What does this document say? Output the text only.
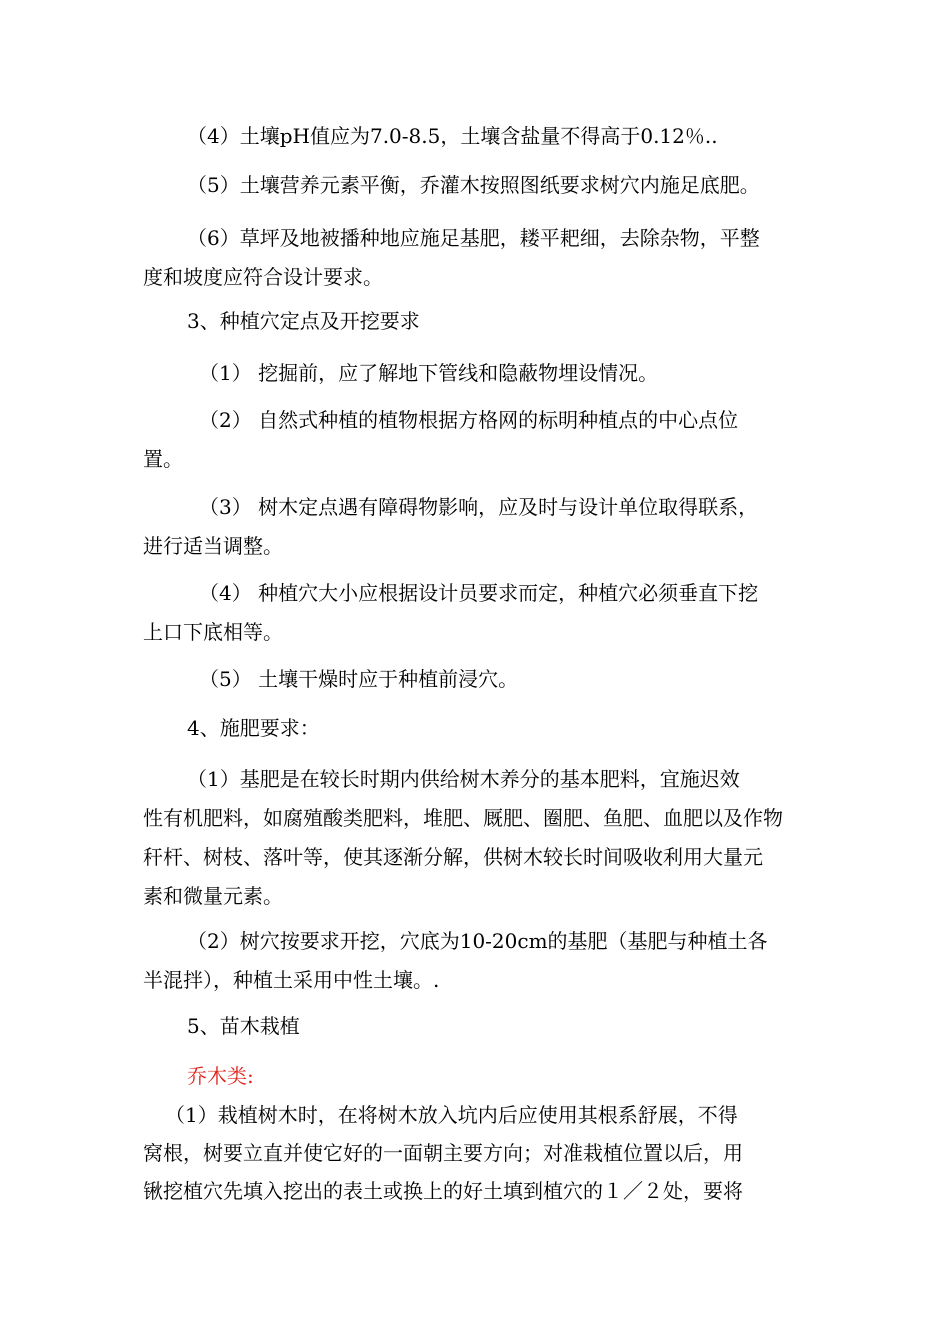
（4）土壤pH值应为7.0-8.5，土壤含盐量不得高于0.12％..

（5）土壤营养元素平衡，乔灌木按照图纸要求树穴内施足底肥。

（6）草坪及地被播种地应施足基肥，耧平耙细，去除杂物，平整
度和坡度应符合设计要求。

3、种植穴定点及开挖要求

（1） 挖掘前，应了解地下管线和隐蔽物埋设情况。

（2） 自然式种植的植物根据方格网的标明种植点的中心点位
置。

（3） 树木定点遇有障碍物影响，应及时与设计单位取得联系，
进行适当调整。

（4） 种植穴大小应根据设计员要求而定，种植穴必须垂直下挖
上口下底相等。

（5） 土壤干燥时应于种植前浸穴。

4、施肥要求：

（1）基肥是在较长时期内供给树木养分的基本肥料，宜施迟效
性有机肥料，如腐殖酸类肥料，堆肥、厩肥、圈肥、鱼肥、血肥以及作物
秆杆、树枝、落叶等，使其逐渐分解，供树木较长时间吸收利用大量元
素和微量元素。

（2）树穴按要求开挖，穴底为10-20cm的基肥（基肥与种植土各
半混拌），种植土采用中性土壤。.

5、苗木栽植

乔木类:

（1）栽植树木时，在将树木放入坑内后应使用其根系舒展，不得
窝根，树要立直并使它好的一面朝主要方向；对准栽植位置以后，用
锹挖植穴先填入挖出的表土或换上的好土填到植穴的１／２处，要将
